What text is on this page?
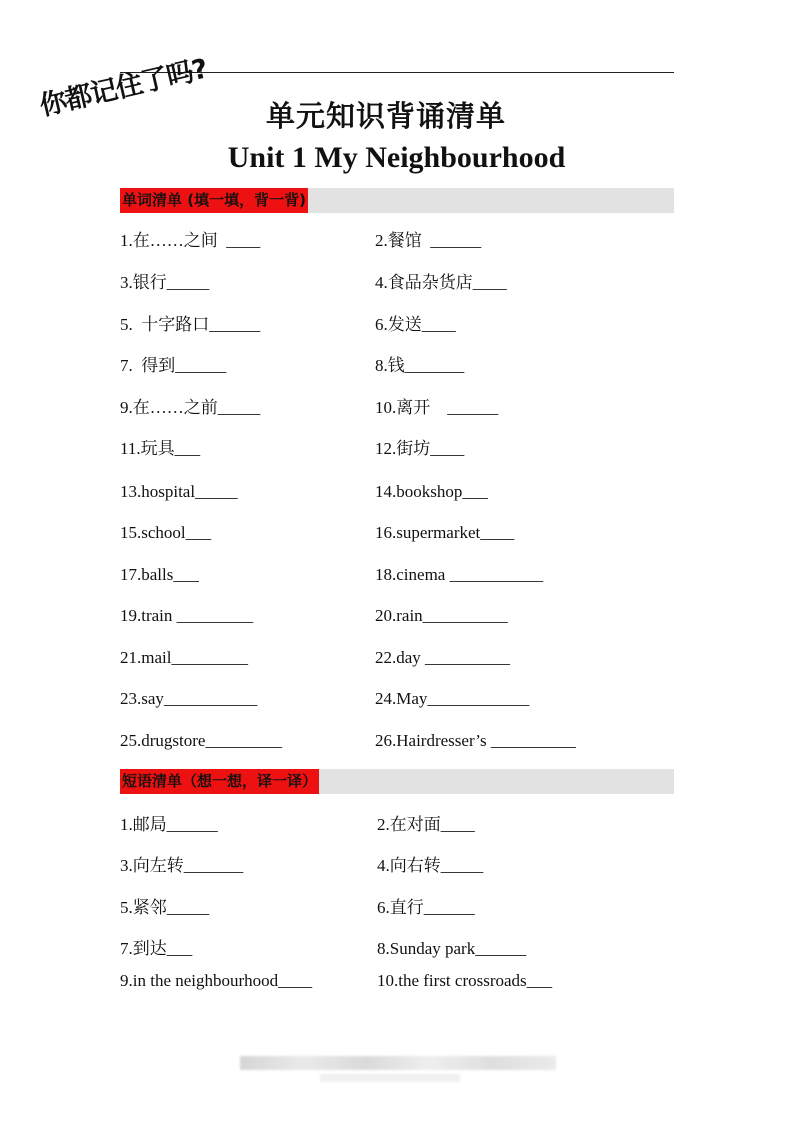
你都记住了吗? 单元知识背诵清单
Unit 1 My Neighbourhood
单词清单 (填一填，背一背)
1.在……之间  ____	2.餐馆  ______
3.银行_____	4.食品杂货店____
5.  十字路口______	6.发送____
7.  得到______	8.钱_______
9.在……之前_____	10.离开    ______
11.玩具___	12.街坊____
13.hospital_____	14.bookshop___
15.school___	16.supermarket____
17.balls___	18.cinema ___________
19.train _________	20.rain__________
21.mail_________	22.day __________
23.say___________	24.May____________
25.drugstore_________	26.Hairdresser’s __________
短语清单（想一想，译一译）
1.邮局______	2.在对面____
3.向左转_______	4.向右转_____
5.紧邻_____	6.直行______
7.到达___	8.Sunday park______
9.in the neighbourhood____	10.the first crossroads___
